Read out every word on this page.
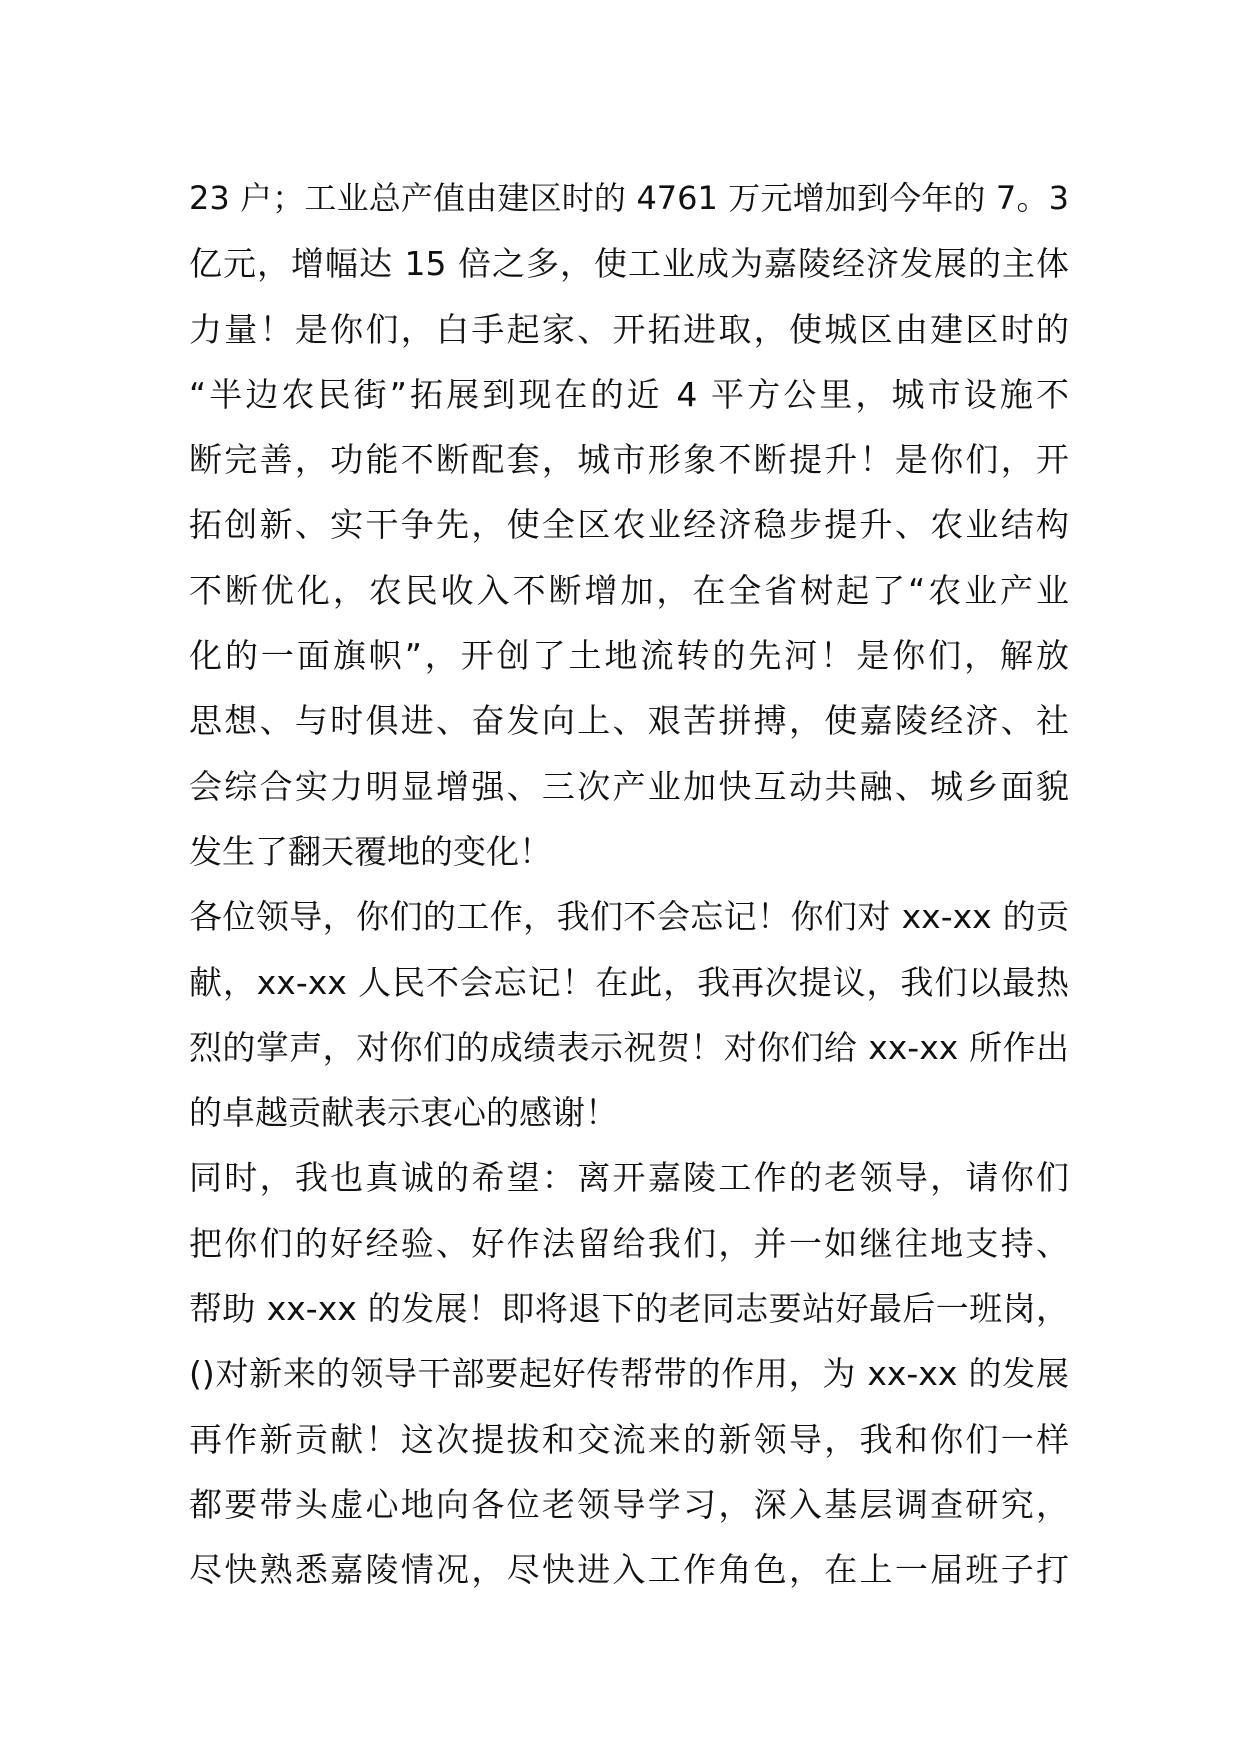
23 户；工业总产值由建区时的 4761 万元增加到今年的 7。3
亿元，增幅达 15 倍之多，使工业成为嘉陵经济发展的主体
力量！是你们，白手起家、开拓进取，使城区由建区时的
“半边农民街”拓展到现在的近 4 平方公里，城市设施不
断完善，功能不断配套，城市形象不断提升！是你们，开
拓创新、实干争先，使全区农业经济稳步提升、农业结构
不断优化，农民收入不断增加，在全省树起了“农业产业
化的一面旗帜”，开创了土地流转的先河！是你们，解放
思想、与时俱进、奋发向上、艰苦拼搏，使嘉陵经济、社
会综合实力明显增强、三次产业加快互动共融、城乡面貌
发生了翻天覆地的变化！
各位领导，你们的工作，我们不会忘记！你们对 xx-xx 的贡
献，xx-xx 人民不会忘记！在此，我再次提议，我们以最热
烈的掌声，对你们的成绩表示祝贺！对你们给 xx-xx 所作出
的卓越贡献表示衷心的感谢！
同时，我也真诚的希望：离开嘉陵工作的老领导，请你们
把你们的好经验、好作法留给我们，并一如继往地支持、
帮助 xx-xx 的发展！即将退下的老同志要站好最后一班岗，
()对新来的领导干部要起好传帮带的作用，为 xx-xx 的发展
再作新贡献！这次提拔和交流来的新领导，我和你们一样
都要带头虚心地向各位老领导学习，深入基层调查研究，
尽快熟悉嘉陵情况，尽快进入工作角色，在上一届班子打
